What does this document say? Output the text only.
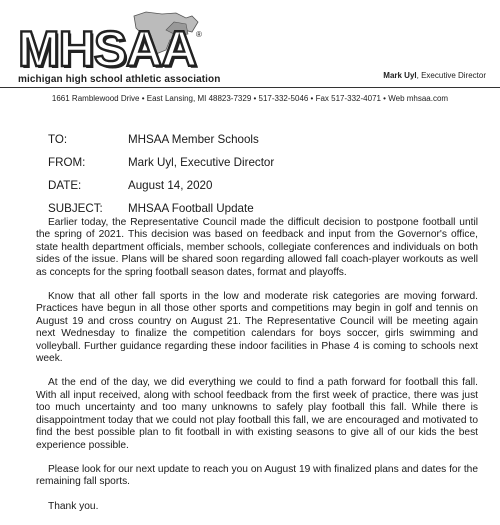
MHSAA ®
michigan high school athletic association	Mark Uyl, Executive Director
1661 Ramblewood Drive • East Lansing, MI 48823-7329 • 517-332-5046 • Fax 517-332-4071 • Web mhsaa.com
TO:	MHSAA Member Schools
FROM:	Mark Uyl, Executive Director
DATE:	August 14, 2020
SUBJECT:	MHSAA Football Update

Earlier today, the Representative Council made the difficult decision to postpone football until the spring of 2021. This decision was based on feedback and input from the Governor's office, state health department officials, member schools, collegiate conferences and individuals on both sides of the issue. Plans will be shared soon regarding allowed fall coach-player workouts as well as concepts for the spring football season dates, format and playoffs.

Know that all other fall sports in the low and moderate risk categories are moving forward. Practices have begun in all those other sports and competitions may begin in golf and tennis on August 19 and cross country on August 21. The Representative Council will be meeting again next Wednesday to finalize the competition calendars for boys soccer, girls swimming and volleyball. Further guidance regarding these indoor facilities in Phase 4 is coming to schools next week.

At the end of the day, we did everything we could to find a path forward for football this fall. With all input received, along with school feedback from the first week of practice, there was just too much uncertainty and too many unknowns to safely play football this fall. While there is disappointment today that we could not play football this fall, we are encouraged and motivated to find the best possible plan to fit football in with existing seasons to give all of our kids the best experience possible.

Please look for our next update to reach you on August 19 with finalized plans and dates for the remaining fall sports.

Thank you.
